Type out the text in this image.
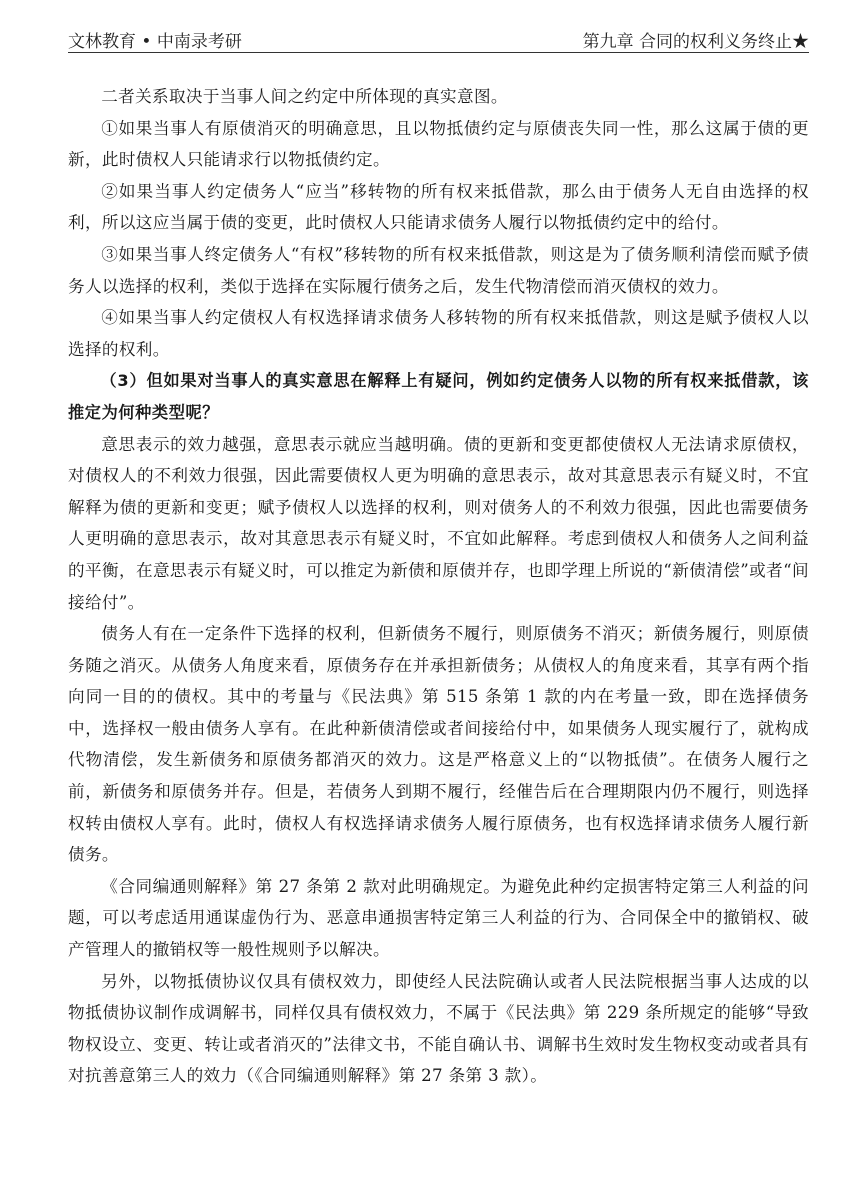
文林教育 • 中南录考研	第九章 合同的权利义务终止★

二者关系取决于当事人间之约定中所体现的真实意图。

①如果当事人有原债消灭的明确意思，且以物抵债约定与原债丧失同一性，那么这属于债的更新，此时债权人只能请求行以物抵债约定。

②如果当事人约定债务人“应当”移转物的所有权来抵借款，那么由于债务人无自由选择的权利，所以这应当属于债的变更，此时债权人只能请求债务人履行以物抵债约定中的给付。

③如果当事人终定债务人“有权”移转物的所有权来抵借款，则这是为了债务顺利清偿而赋予债务人以选择的权利，类似于选择在实际履行债务之后，发生代物清偿而消灭债权的效力。

④如果当事人约定债权人有权选择请求债务人移转物的所有权来抵借款，则这是赋予债权人以选择的权利。

（3）但如果对当事人的真实意思在解释上有疑问，例如约定债务人以物的所有权来抵借款，该推定为何种类型呢？

意思表示的效力越强，意思表示就应当越明确。债的更新和变更都使债权人无法请求原债权，对债权人的不利效力很强，因此需要债权人更为明确的意思表示，故对其意思表示有疑义时，不宜解释为债的更新和变更；赋予债权人以选择的权利，则对债务人的不利效力很强，因此也需要债务人更明确的意思表示，故对其意思表示有疑义时，不宜如此解释。考虑到债权人和债务人之间利益的平衡，在意思表示有疑义时，可以推定为新债和原债并存，也即学理上所说的“新债清偿”或者“间接给付”。

债务人有在一定条件下选择的权利，但新债务不履行，则原债务不消灭；新债务履行，则原债务随之消灭。从债务人角度来看，原债务存在并承担新债务；从债权人的角度来看，其享有两个指向同一目的的债权。其中的考量与《民法典》第 515 条第 1 款的内在考量一致，即在选择债务中，选择权一般由债务人享有。在此种新债清偿或者间接给付中，如果债务人现实履行了，就构成代物清偿，发生新债务和原债务都消灭的效力。这是严格意义上的“以物抵债”。在债务人履行之前，新债务和原债务并存。但是，若债务人到期不履行，经催告后在合理期限内仍不履行，则选择权转由债权人享有。此时，债权人有权选择请求债务人履行原债务，也有权选择请求债务人履行新债务。

《合同编通则解释》第 27 条第 2 款对此明确规定。为避免此种约定损害特定第三人利益的问题，可以考虑适用通谋虚伪行为、恶意串通损害特定第三人利益的行为、合同保全中的撤销权、破产管理人的撤销权等一般性规则予以解决。

另外，以物抵债协议仅具有债权效力，即使经人民法院确认或者人民法院根据当事人达成的以物抵债协议制作成调解书，同样仅具有债权效力，不属于《民法典》第 229 条所规定的能够“导致物权设立、变更、转让或者消灭的”法律文书，不能自确认书、调解书生效时发生物权变动或者具有对抗善意第三人的效力（《合同编通则解释》第 27 条第 3 款）。
